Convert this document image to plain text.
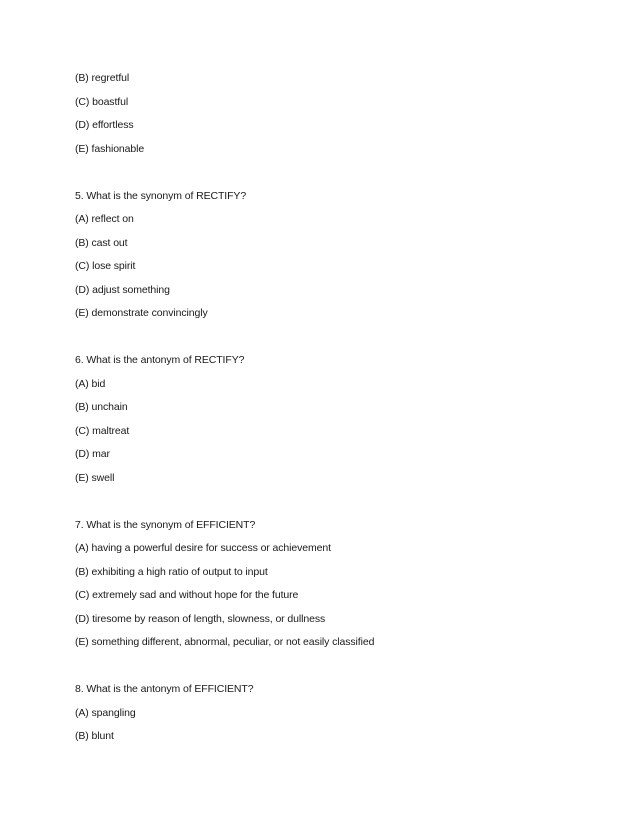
(B) regretful
(C) boastful
(D) effortless
(E) fashionable
5. What is the synonym of RECTIFY?
(A) reflect on
(B) cast out
(C) lose spirit
(D) adjust something
(E) demonstrate convincingly
6. What is the antonym of RECTIFY?
(A) bid
(B) unchain
(C) maltreat
(D) mar
(E) swell
7. What is the synonym of EFFICIENT?
(A) having a powerful desire for success or achievement
(B) exhibiting a high ratio of output to input
(C) extremely sad and without hope for the future
(D) tiresome by reason of length, slowness, or dullness
(E) something different, abnormal, peculiar, or not easily classified
8. What is the antonym of EFFICIENT?
(A) spangling
(B) blunt
